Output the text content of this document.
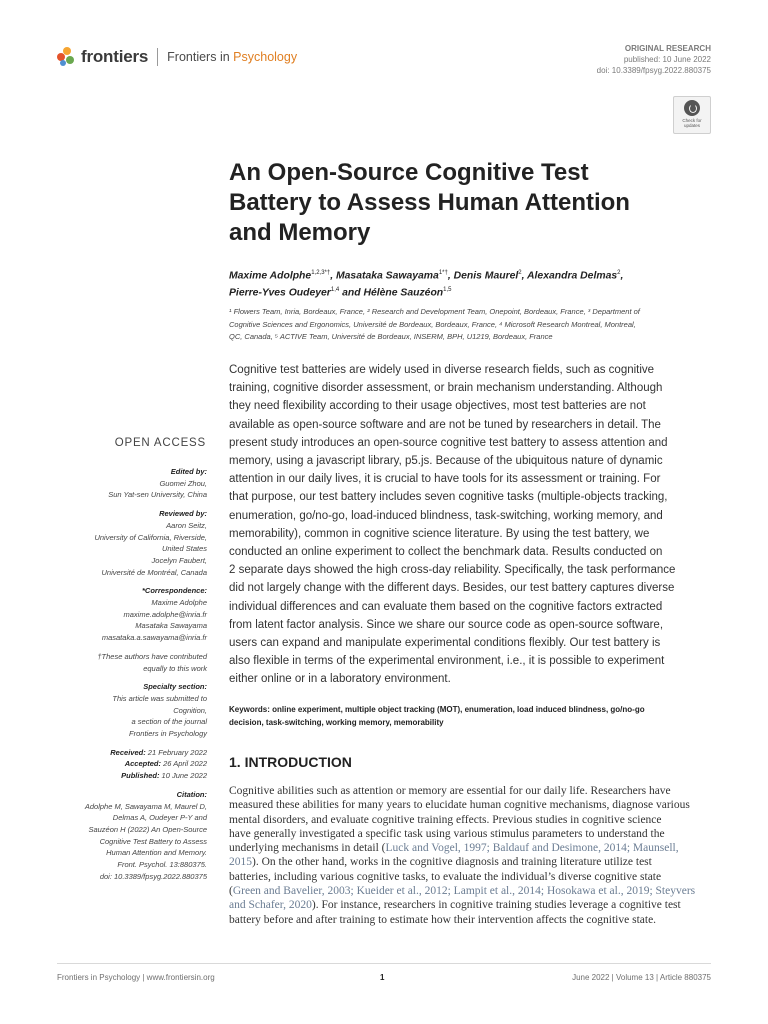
frontiers Frontiers in Psychology
ORIGINAL RESEARCH
published: 10 June 2022
doi: 10.3389/fpsyg.2022.880375
Check for
updates
An Open-Source Cognitive Test
Battery to Assess Human Attention
and Memory
Maxime Adolphe$^{1,2,3*\dagger}$, Masataka Sawayama$^{1*\dagger}$, Denis Maurel$^2$, Alexandra Delmas$^2$,
Pierre-Yves Oudeyer$^{1,4}$ and Hélène Sauzéon$^{1,5}$
¹ Flowers Team, Inria, Bordeaux, France, ² Research and Development Team, Onepoint, Bordeaux, France, ³ Department of
Cognitive Sciences and Ergonomics, Université de Bordeaux, Bordeaux, France, ⁴ Microsoft Research Montreal, Montreal,
QC, Canada, ⁵ ACTIVE Team, Université de Bordeaux, INSERM, BPH, U1219, Bordeaux, France
Cognitive test batteries are widely used in diverse research fields, such as cognitive
training, cognitive disorder assessment, or brain mechanism understanding. Although
they need flexibility according to their usage objectives, most test batteries are not
available as open-source software and are not be tuned by researchers in detail. The
present study introduces an open-source cognitive test battery to assess attention and
memory, using a javascript library, p5.js. Because of the ubiquitous nature of dynamic
attention in our daily lives, it is crucial to have tools for its assessment or training. For
that purpose, our test battery includes seven cognitive tasks (multiple-objects tracking,
enumeration, go/no-go, load-induced blindness, task-switching, working memory, and
memorability), common in cognitive science literature. By using the test battery, we
conducted an online experiment to collect the benchmark data. Results conducted on
2 separate days showed the high cross-day reliability. Specifically, the task performance
did not largely change with the different days. Besides, our test battery captures diverse
individual differences and can evaluate them based on the cognitive factors extracted
from latent factor analysis. Since we share our source code as open-source software,
users can expand and manipulate experimental conditions flexibly. Our test battery is
also flexible in terms of the experimental environment, i.e., it is possible to experiment
either online or in a laboratory environment.
Keywords: online experiment, multiple object tracking (MOT), enumeration, load induced blindness, go/no-go
decision, task-switching, working memory, memorability
1. INTRODUCTION
Cognitive abilities such as attention or memory are essential for our daily life. Researchers have
measured these abilities for many years to elucidate human cognitive mechanisms, diagnose various
mental disorders, and evaluate cognitive training effects. Previous studies in cognitive science
have generally investigated a specific task using various stimulus parameters to understand the
underlying mechanisms in detail (Luck and Vogel, 1997; Baldauf and Desimone, 2014; Maunsell,
2015). On the other hand, works in the cognitive diagnosis and training literature utilize test
batteries, including various cognitive tasks, to evaluate the individual’s diverse cognitive state
(Green and Bavelier, 2003; Kueider et al., 2012; Lampit et al., 2014; Hosokawa et al., 2019; Steyvers
and Schafer, 2020). For instance, researchers in cognitive training studies leverage a cognitive test
battery before and after training to estimate how their intervention affects the cognitive state.
OPEN ACCESS
Edited by:
Guomei Zhou,
Sun Yat-sen University, China
Reviewed by:
Aaron Seitz,
University of California, Riverside,
United States
Jocelyn Faubert,
Université de Montréal, Canada
*Correspondence:
Maxime Adolphe
maxime.adolphe@inria.fr
Masataka Sawayama
masataka.a.sawayama@inria.fr
†These authors have contributed
equally to this work
Specialty section:
This article was submitted to
Cognition,
a section of the journal
Frontiers in Psychology
Received: 21 February 2022
Accepted: 26 April 2022
Published: 10 June 2022
Citation:
Adolphe M, Sawayama M, Maurel D,
Delmas A, Oudeyer P-Y and
Sauzéon H (2022) An Open-Source
Cognitive Test Battery to Assess
Human Attention and Memory.
Front. Psychol. 13:880375.
doi: 10.3389/fpsyg.2022.880375
Frontiers in Psychology | www.frontiersin.org	1	June 2022 | Volume 13 | Article 880375
